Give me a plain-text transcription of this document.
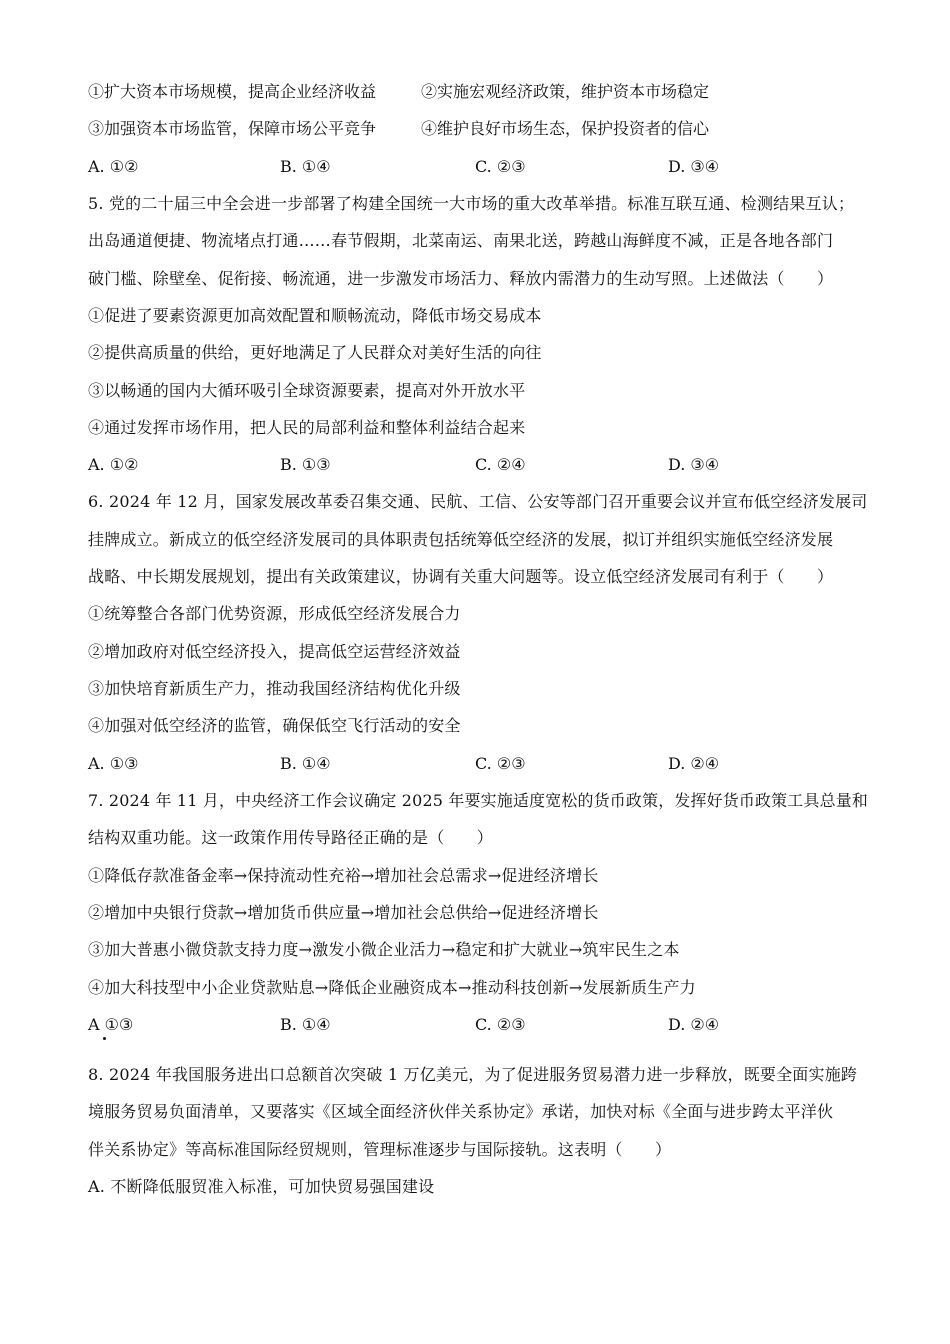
①扩大资本市场规模，提高企业经济收益	②实施宏观经济政策，维护资本市场稳定
③加强资本市场监管，保障市场公平竞争	④维护良好市场生态，保护投资者的信心
A. ①②	B. ①④	C. ②③	D. ③④
5. 党的二十届三中全会进一步部署了构建全国统一大市场的重大改革举措。标准互联互通、检测结果互认；
出岛通道便捷、物流堵点打通……春节假期，北菜南运、南果北送，跨越山海鲜度不减，正是各地各部门
破门槛、除壁垒、促衔接、畅流通，进一步激发市场活力、释放内需潜力的生动写照。上述做法（　　）
①促进了要素资源更加高效配置和顺畅流动，降低市场交易成本
②提供高质量的供给，更好地满足了人民群众对美好生活的向往
③以畅通的国内大循环吸引全球资源要素，提高对外开放水平
④通过发挥市场作用，把人民的局部利益和整体利益结合起来
A. ①②	B. ①③	C. ②④	D. ③④
6. 2024 年 12 月，国家发展改革委召集交通、民航、工信、公安等部门召开重要会议并宣布低空经济发展司
挂牌成立。新成立的低空经济发展司的具体职责包括统筹低空经济的发展，拟订并组织实施低空经济发展
战略、中长期发展规划，提出有关政策建议，协调有关重大问题等。设立低空经济发展司有利于（　　）
①统筹整合各部门优势资源，形成低空经济发展合力
②增加政府对低空经济投入，提高低空运营经济效益
③加快培育新质生产力，推动我国经济结构优化升级
④加强对低空经济的监管，确保低空飞行活动的安全
A. ①③	B. ①④	C. ②③	D. ②④
7. 2024 年 11 月，中央经济工作会议确定 2025 年要实施适度宽松的货币政策，发挥好货币政策工具总量和
结构双重功能。这一政策作用传导路径正确的是（　　）
①降低存款准备金率→保持流动性充裕→增加社会总需求→促进经济增长
②增加中央银行贷款→增加货币供应量→增加社会总供给→促进经济增长
③加大普惠小微贷款支持力度→激发小微企业活力→稳定和扩大就业→筑牢民生之本
④加大科技型中小企业贷款贴息→降低企业融资成本→推动科技创新→发展新质生产力
A ①③	B. ①④	C. ②③	D. ②④
8. 2024 年我国服务进出口总额首次突破 1 万亿美元，为了促进服务贸易潜力进一步释放，既要全面实施跨
境服务贸易负面清单，又要落实《区域全面经济伙伴关系协定》承诺，加快对标《全面与进步跨太平洋伙
伴关系协定》等高标准国际经贸规则，管理标准逐步与国际接轨。这表明（　　）
A. 不断降低服贸准入标准，可加快贸易强国建设
